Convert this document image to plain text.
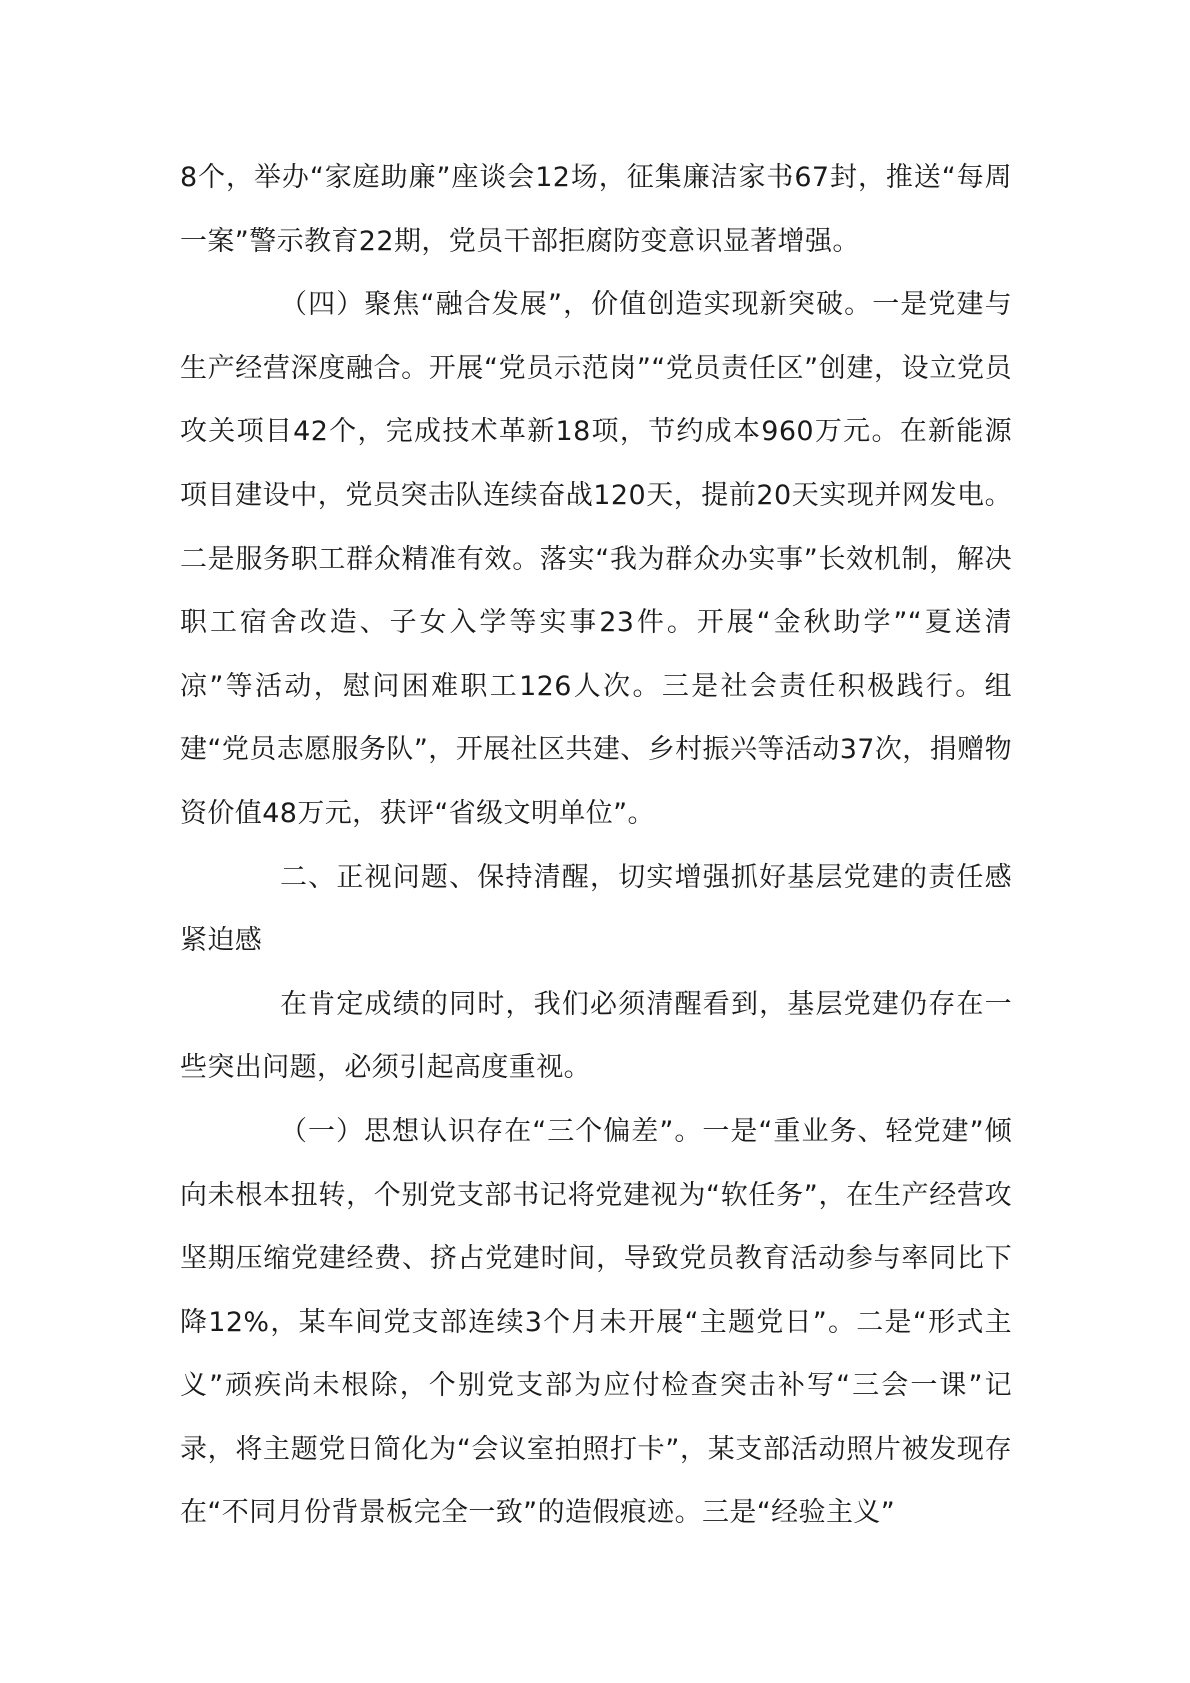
8个，举办“家庭助廉”座谈会12场，征集廉洁家书67封，推送“每周一案”警示教育22期，党员干部拒腐防变意识显著增强。

（四）聚焦“融合发展”，价值创造实现新突破。一是党建与生产经营深度融合。开展“党员示范岗”“党员责任区”创建，设立党员攻关项目42个，完成技术革新18项，节约成本960万元。在新能源项目建设中，党员突击队连续奋战120天，提前20天实现并网发电。二是服务职工群众精准有效。落实“我为群众办实事”长效机制，解决职工宿舍改造、子女入学等实事23件。开展“金秋助学”“夏送清凉”等活动，慰问困难职工126人次。三是社会责任积极践行。组建“党员志愿服务队”，开展社区共建、乡村振兴等活动37次，捐赠物资价值48万元，获评“省级文明单位”。

二、正视问题、保持清醒，切实增强抓好基层党建的责任感紧迫感

在肯定成绩的同时，我们必须清醒看到，基层党建仍存在一些突出问题，必须引起高度重视。

（一）思想认识存在“三个偏差”。一是“重业务、轻党建”倾向未根本扭转，个别党支部书记将党建视为“软任务”，在生产经营攻坚期压缩党建经费、挤占党建时间，导致党员教育活动参与率同比下降12%，某车间党支部连续3个月未开展“主题党日”。二是“形式主义”顽疾尚未根除，个别党支部为应付检查突击补写“三会一课”记录，将主题党日简化为“会议室拍照打卡”，某支部活动照片被发现存在“不同月份背景板完全一致”的造假痕迹。三是“经验主义”
